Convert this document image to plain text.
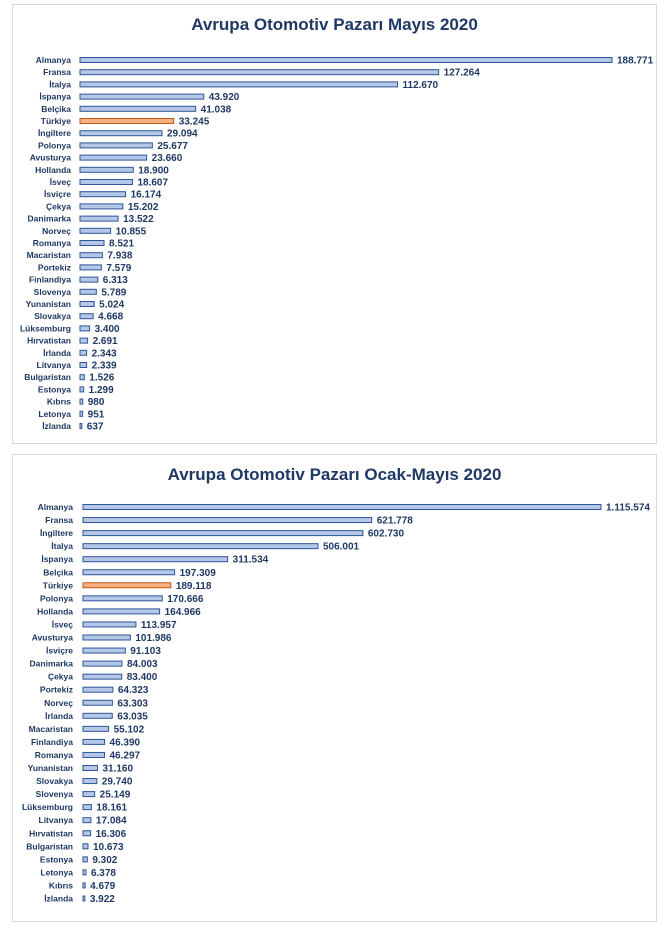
Avrupa Otomotiv Pazarı Mayıs 2020
Almanya	188.771
Fransa	127.264
İtalya	112.670
İspanya	43.920
Belçika	41.038
Türkiye	33.245
İngiltere	29.094
Polonya	25.677
Avusturya	23.660
Hollanda	18.900
İsveç	18.607
İsviçre	16.174
Çekya	15.202
Danimarka	13.522
Norveç	10.855
Romanya	8.521
Macaristan	7.938
Portekiz	7.579
Finlandiya	6.313
Slovenya	5.789
Yunanistan	5.024
Slovakya	4.668
Lüksemburg 3.400
Hırvatistan 2.691
İrlanda 2.343
Litvanya 2.339
Bulgaristan 1.526
Estonya 1.299
Kıbrıs 980
Letonya 951
İzlanda 637
Avrupa Otomotiv Pazarı Ocak-Mayıs 2020
Almanya	1.115.574
Fransa	621.778
İngiltere	602.730
İtalya	506.001
İspanya	311.534
Belçika	197.309
Türkiye	189.118
Polonya	170.666
Hollanda	164.966
İsveç	113.957
Avusturya	101.986
İsviçre	91.103
Danimarka	84.003
Çekya	83.400
Portekiz	64.323
Norveç	63.303
İrlanda	63.035
Macaristan	55.102
Finlandiya	46.390
Romanya	46.297
Yunanistan	31.160
Slovakya	29.740
Slovenya	25.149
Lüksemburg 18.161
Litvanya 17.084
Hırvatistan 16.306
Bulgaristan 10.673
Estonya 9.302
Letonya 6.378
Kıbrıs 4.679
İzlanda 3.922
